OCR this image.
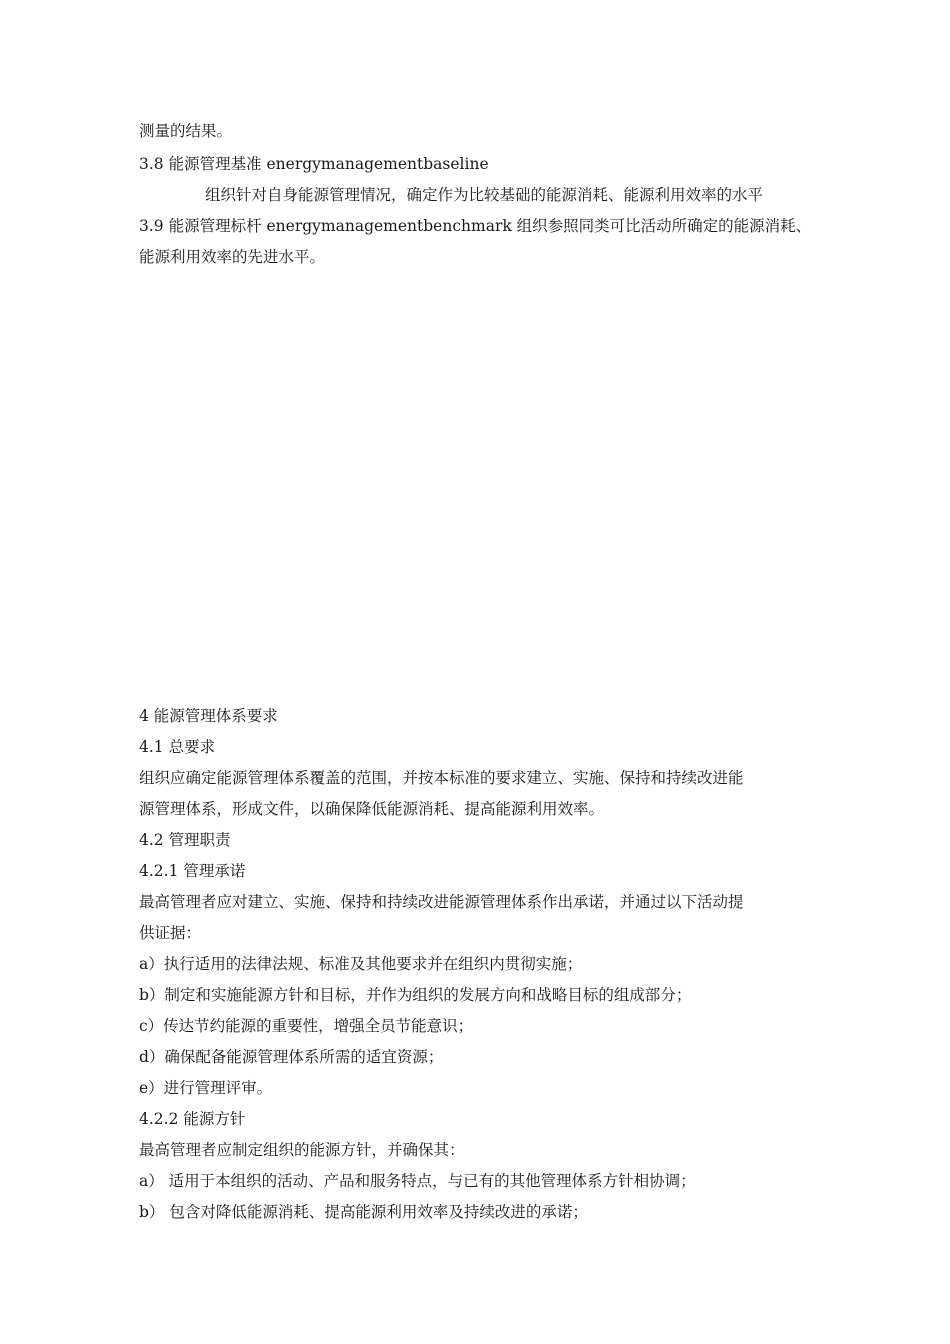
测量的结果。
3.8 能源管理基准 energymanagementbaseline
组织针对自身能源管理情况，确定作为比较基础的能源消耗、能源利用效率的水平
3.9 能源管理标杆 energymanagementbenchmark 组织参照同类可比活动所确定的能源消耗、
能源利用效率的先进水平。
4 能源管理体系要求
4.1 总要求
组织应确定能源管理体系覆盖的范围，并按本标准的要求建立、实施、保持和持续改进能
源管理体系，形成文件，以确保降低能源消耗、提高能源利用效率。
4.2 管理职责
4.2.1 管理承诺
最高管理者应对建立、实施、保持和持续改进能源管理体系作出承诺，并通过以下活动提
供证据：
a）执行适用的法律法规、标准及其他要求并在组织内贯彻实施；
b）制定和实施能源方针和目标，并作为组织的发展方向和战略目标的组成部分；
c）传达节约能源的重要性，增强全员节能意识；
d）确保配备能源管理体系所需的适宜资源；
e）进行管理评审。
4.2.2 能源方针
最高管理者应制定组织的能源方针，并确保其：
a） 适用于本组织的活动、产品和服务特点，与已有的其他管理体系方针相协调；
b） 包含对降低能源消耗、提高能源利用效率及持续改进的承诺；
